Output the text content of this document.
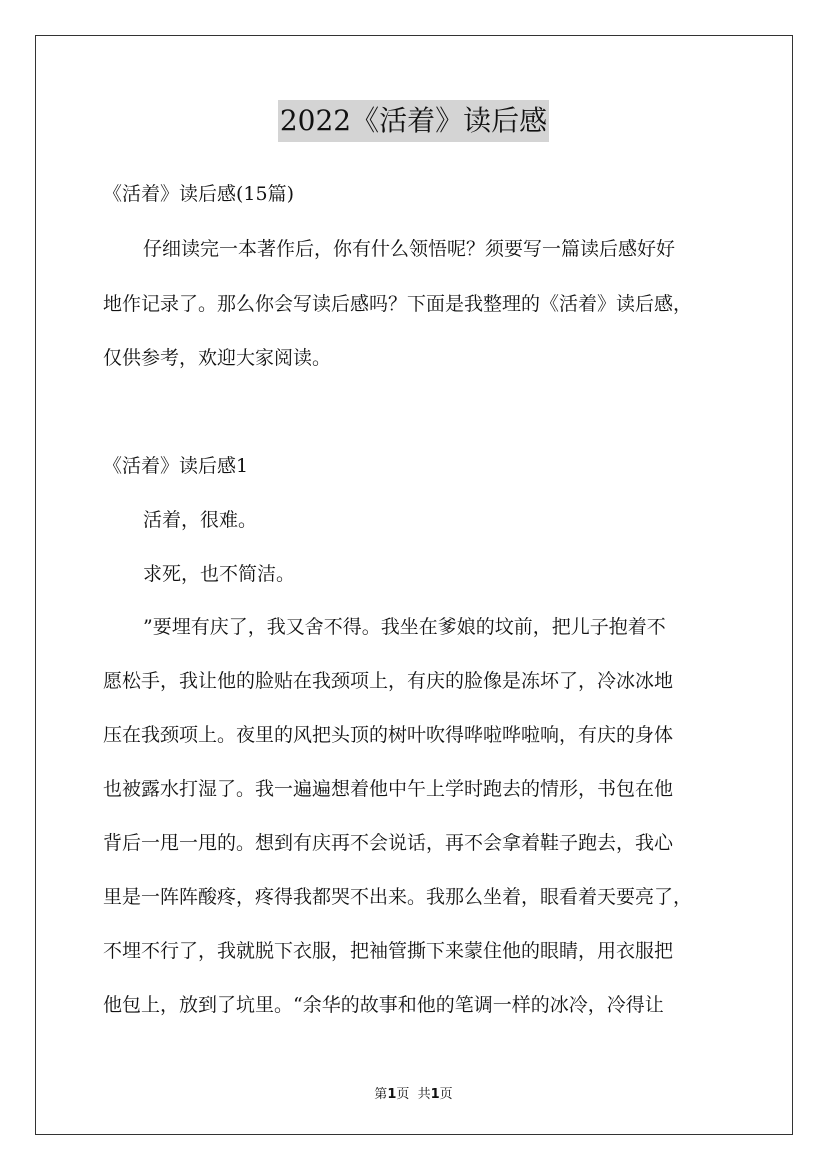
2022《活着》读后感
《活着》读后感(15篇)
仔细读完一本著作后，你有什么领悟呢？须要写一篇读后感好好
地作记录了。那么你会写读后感吗？下面是我整理的《活着》读后感，
仅供参考，欢迎大家阅读。
《活着》读后感1
活着，很难。
求死，也不简洁。
”要埋有庆了，我又舍不得。我坐在爹娘的坟前，把儿子抱着不
愿松手，我让他的脸贴在我颈项上，有庆的脸像是冻坏了，冷冰冰地
压在我颈项上。夜里的风把头顶的树叶吹得哗啦哗啦响，有庆的身体
也被露水打湿了。我一遍遍想着他中午上学时跑去的情形，书包在他
背后一甩一甩的。想到有庆再不会说话，再不会拿着鞋子跑去，我心
里是一阵阵酸疼，疼得我都哭不出来。我那么坐着，眼看着天要亮了，
不埋不行了，我就脱下衣服，把袖管撕下来蒙住他的眼睛，用衣服把
他包上，放到了坑里。“余华的故事和他的笔调一样的冰冷，冷得让
第1页  共1页
